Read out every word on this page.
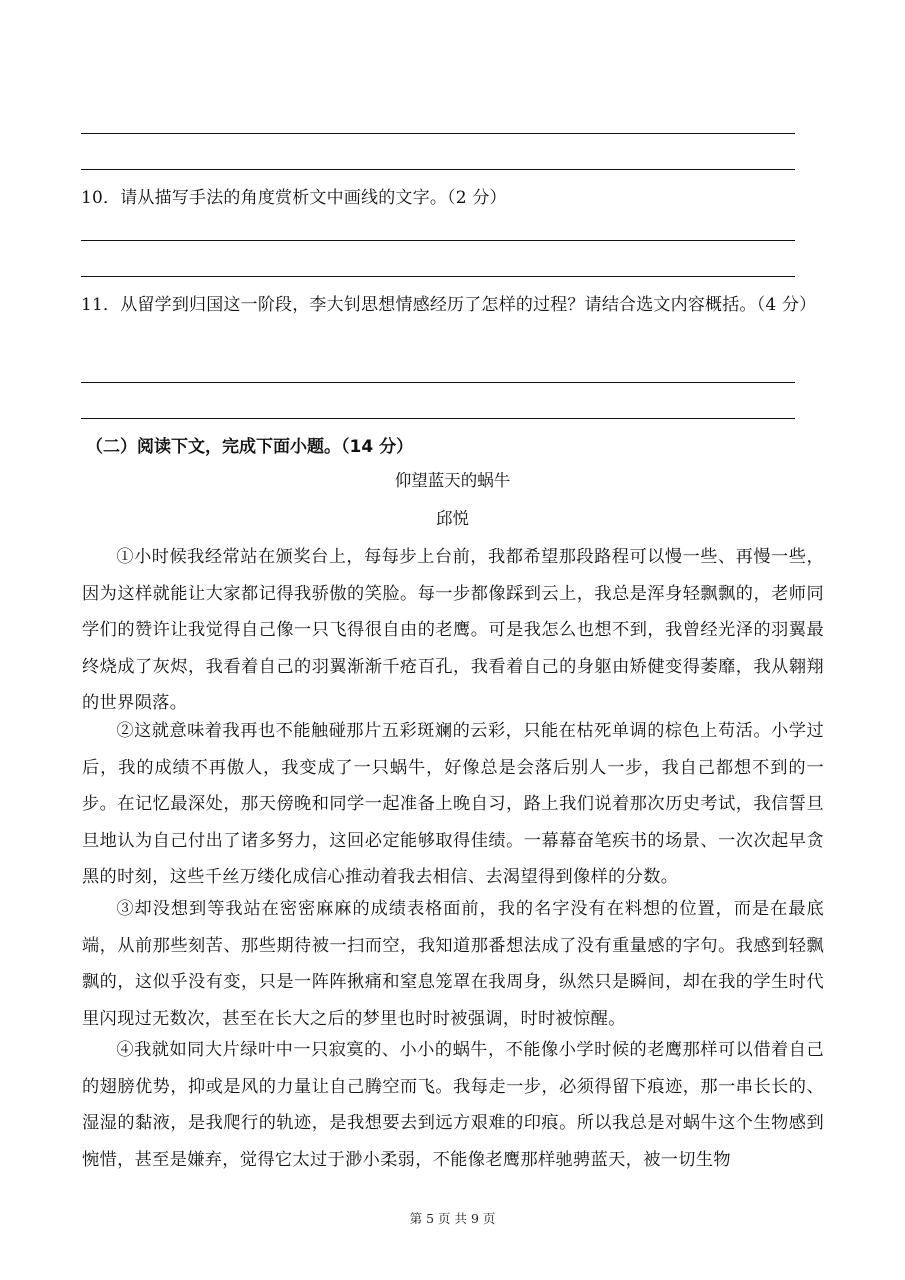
10．请从描写手法的角度赏析文中画线的文字。（2 分）
11．从留学到归国这一阶段，李大钊思想情感经历了怎样的过程？请结合选文内容概括。（4 分）
（二）阅读下文，完成下面小题。（14 分）
仰望蓝天的蜗牛
邱悦

①小时候我经常站在颁奖台上，每每步上台前，我都希望那段路程可以慢一些、再慢一些，因为这样就能让大家都记得我骄傲的笑脸。每一步都像踩到云上，我总是浑身轻飘飘的，老师同学们的赞许让我觉得自己像一只飞得很自由的老鹰。可是我怎么也想不到，我曾经光泽的羽翼最终烧成了灰烬，我看着自己的羽翼渐渐千疮百孔，我看着自己的身躯由矫健变得萎靡，我从翱翔的世界陨落。

②这就意味着我再也不能触碰那片五彩斑斓的云彩，只能在枯死单调的棕色上苟活。小学过后，我的成绩不再傲人，我变成了一只蜗牛，好像总是会落后别人一步，我自己都想不到的一步。在记忆最深处，那天傍晚和同学一起准备上晚自习，路上我们说着那次历史考试，我信誓旦旦地认为自己付出了诸多努力，这回必定能够取得佳绩。一幕幕奋笔疾书的场景、一次次起早贪黑的时刻，这些千丝万缕化成信心推动着我去相信、去渴望得到像样的分数。

③却没想到等我站在密密麻麻的成绩表格面前，我的名字没有在料想的位置，而是在最底端，从前那些刻苦、那些期待被一扫而空，我知道那番想法成了没有重量感的字句。我感到轻飘飘的，这似乎没有变，只是一阵阵揪痛和窒息笼罩在我周身，纵然只是瞬间，却在我的学生时代里闪现过无数次，甚至在长大之后的梦里也时时被强调，时时被惊醒。

④我就如同大片绿叶中一只寂寞的、小小的蜗牛，不能像小学时候的老鹰那样可以借着自己的翅膀优势，抑或是风的力量让自己腾空而飞。我每走一步，必须得留下痕迹，那一串长长的、湿湿的黏液，是我爬行的轨迹，是我想要去到远方艰难的印痕。所以我总是对蜗牛这个生物感到惋惜，甚至是嫌弃，觉得它太过于渺小柔弱，不能像老鹰那样驰骋蓝天，被一切生物

第 5 页 共 9 页
